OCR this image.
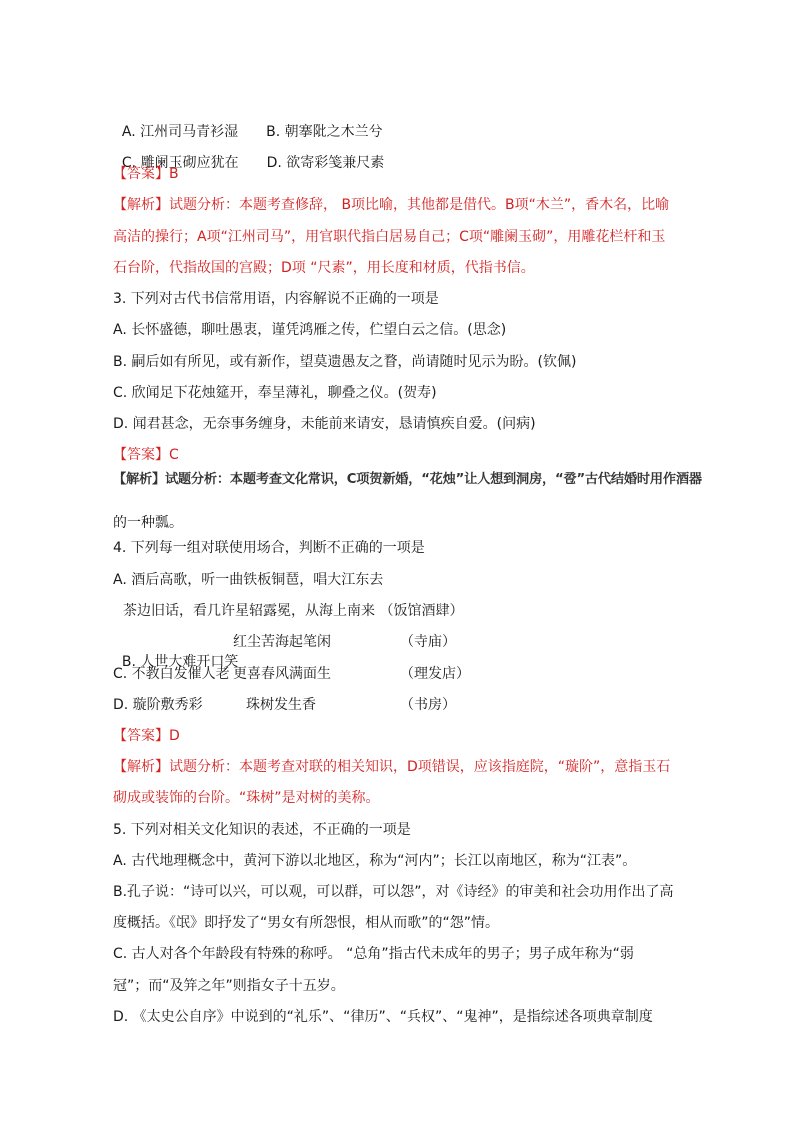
A. 江州司马青衫湿 B. 朝搴阰之木兰兮

C. 雕阑玉砌应犹在 D. 欲寄彩笺兼尺素

【答案】B
【解析】试题分析：本题考查修辞， B项比喻，其他都是借代。B项“木兰”，香木名，比喻
高洁的操行；A项“江州司马”，用官职代指白居易自己；C项“雕阑玉砌”，用雕花栏杆和玉
石台阶，代指故国的宫殿；D项 “尺素”，用长度和材质，代指书信。
3. 下列对古代书信常用语，内容解说不正确的一项是
A. 长怀盛德，聊吐愚衷，谨凭鸿雁之传，伫望白云之信。(思念)
B. 嗣后如有所见，或有新作，望莫遗愚友之瞀，尚请随时见示为盼。(钦佩)
C. 欣闻足下花烛筵开，奉呈薄礼，聊叠之仪。(贺寿)
D. 闻君甚念，无奈事务缠身，未能前来请安，恳请慎疾自爱。(问病)
【答案】C
【解析】试题分析：本题考查文化常识，C项贺新婚，“花烛”让人想到洞房，“卺”古代结婚时用作酒器
的一种瓢。
4. 下列每一组对联使用场合，判断不正确的一项是
A. 酒后高歌，听一曲铁板铜琶，唱大江东去
茶边旧话，看几许星轺露冕，从海上南来 （饭馆酒肆）

B. 人世大难开口笑

红尘苦海起笔闲	（寺庙）
C. 不教白发催人老 更喜春风满面生	（理发店）
D. 璇阶敷秀彩	珠树发生香	（书房）
【答案】D
【解析】试题分析：本题考查对联的相关知识，D项错误，应该指庭院，“璇阶”，意指玉石
砌成或装饰的台阶。“珠树”是对树的美称。
5. 下列对相关文化知识的表述，不正确的一项是
A. 古代地理概念中，黄河下游以北地区，称为“河内”；长江以南地区，称为“江表”。
B.孔子说：“诗可以兴，可以观，可以群，可以怨”，对《诗经》的审美和社会功用作出了高
度概括。《氓》即抒发了“男女有所怨恨，相从而歌”的“怨”情。
C. 古人对各个年龄段有特殊的称呼。 “总角”指古代未成年的男子；男子成年称为“弱
冠”；而“及笄之年”则指女子十五岁。
D. 《太史公自序》中说到的“礼乐”、“律历”、“兵权”、“鬼神”，是指综述各项典章制度
